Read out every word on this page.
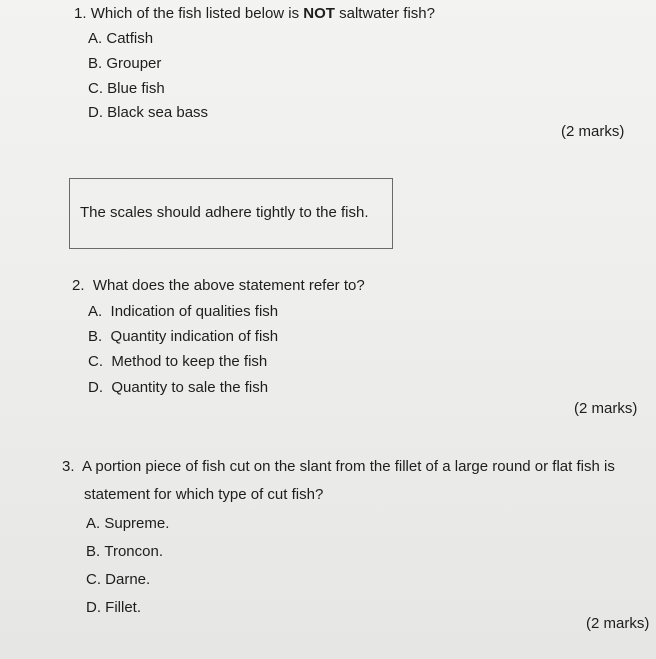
1. Which of the fish listed below is NOT saltwater fish?
A. Catfish
B. Grouper
C. Blue fish
D. Black sea bass
(2 marks)
The scales should adhere tightly to the fish.
2. What does the above statement refer to?
A. Indication of qualities fish
B. Quantity indication of fish
C. Method to keep the fish
D. Quantity to sale the fish
(2 marks)
3. A portion piece of fish cut on the slant from the fillet of a large round or flat fish is
statement for which type of cut fish?
A. Supreme.
B. Troncon.
C. Darne.
D. Fillet.
(2 marks)
